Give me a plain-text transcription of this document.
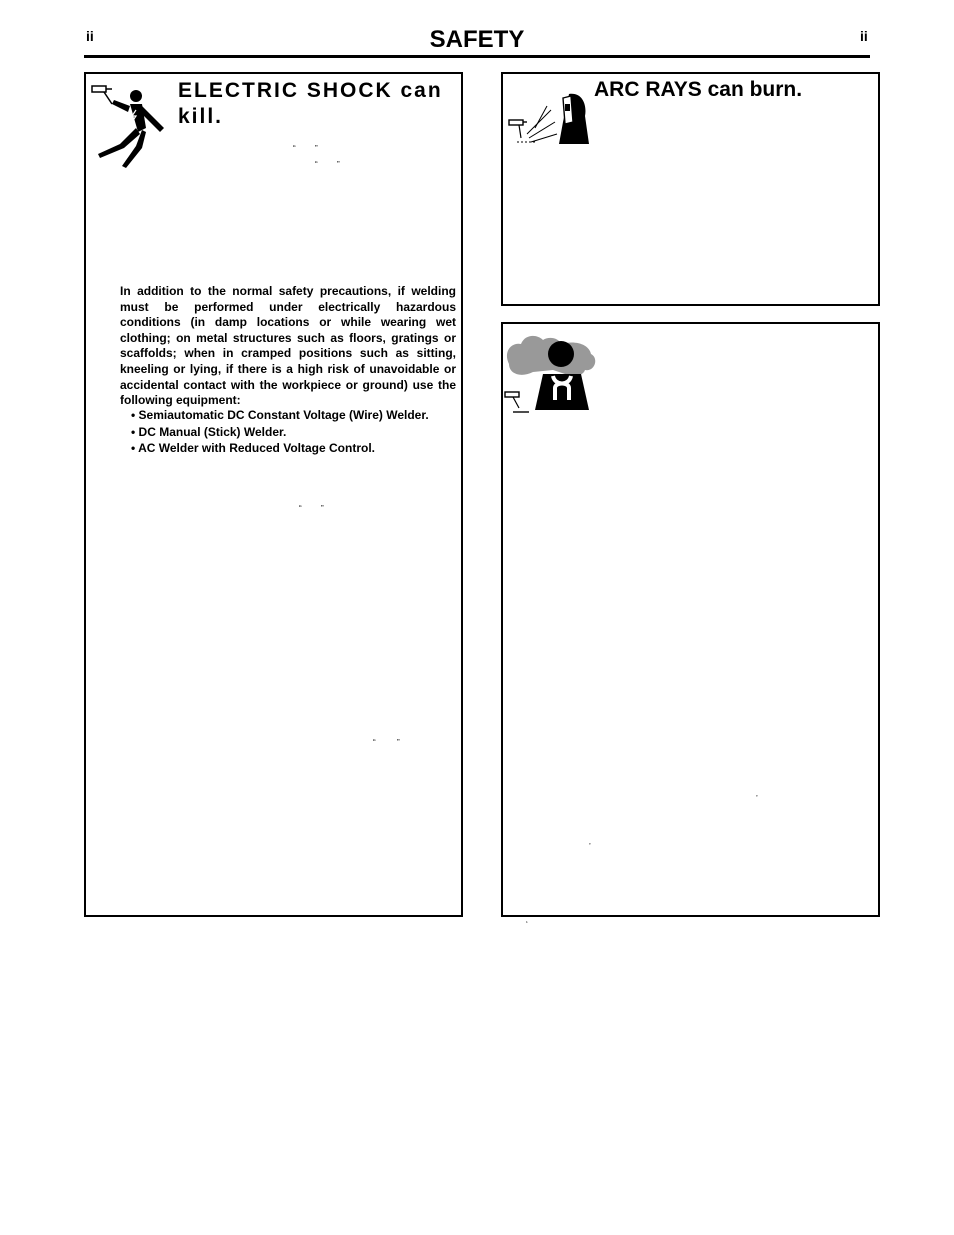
ii	SAFETY	ii
ELECTRIC SHOCK can kill.
“ ”
“ ”
In addition to the normal safety precautions, if welding must be performed under electrically hazardous conditions (in damp locations or while wearing wet clothing; on metal structures such as floors, gratings or scaffolds; when in cramped positions such as sitting, kneeling or lying, if there is a high risk of unavoidable or accidental contact with the workpiece or ground) use the following equipment:
• Semiautomatic DC Constant Voltage (Wire) Welder.
• DC Manual (Stick) Welder.
• AC Welder with Reduced Voltage Control.
“ ”
“	”
ARC RAYS can burn.
’
’
‘
